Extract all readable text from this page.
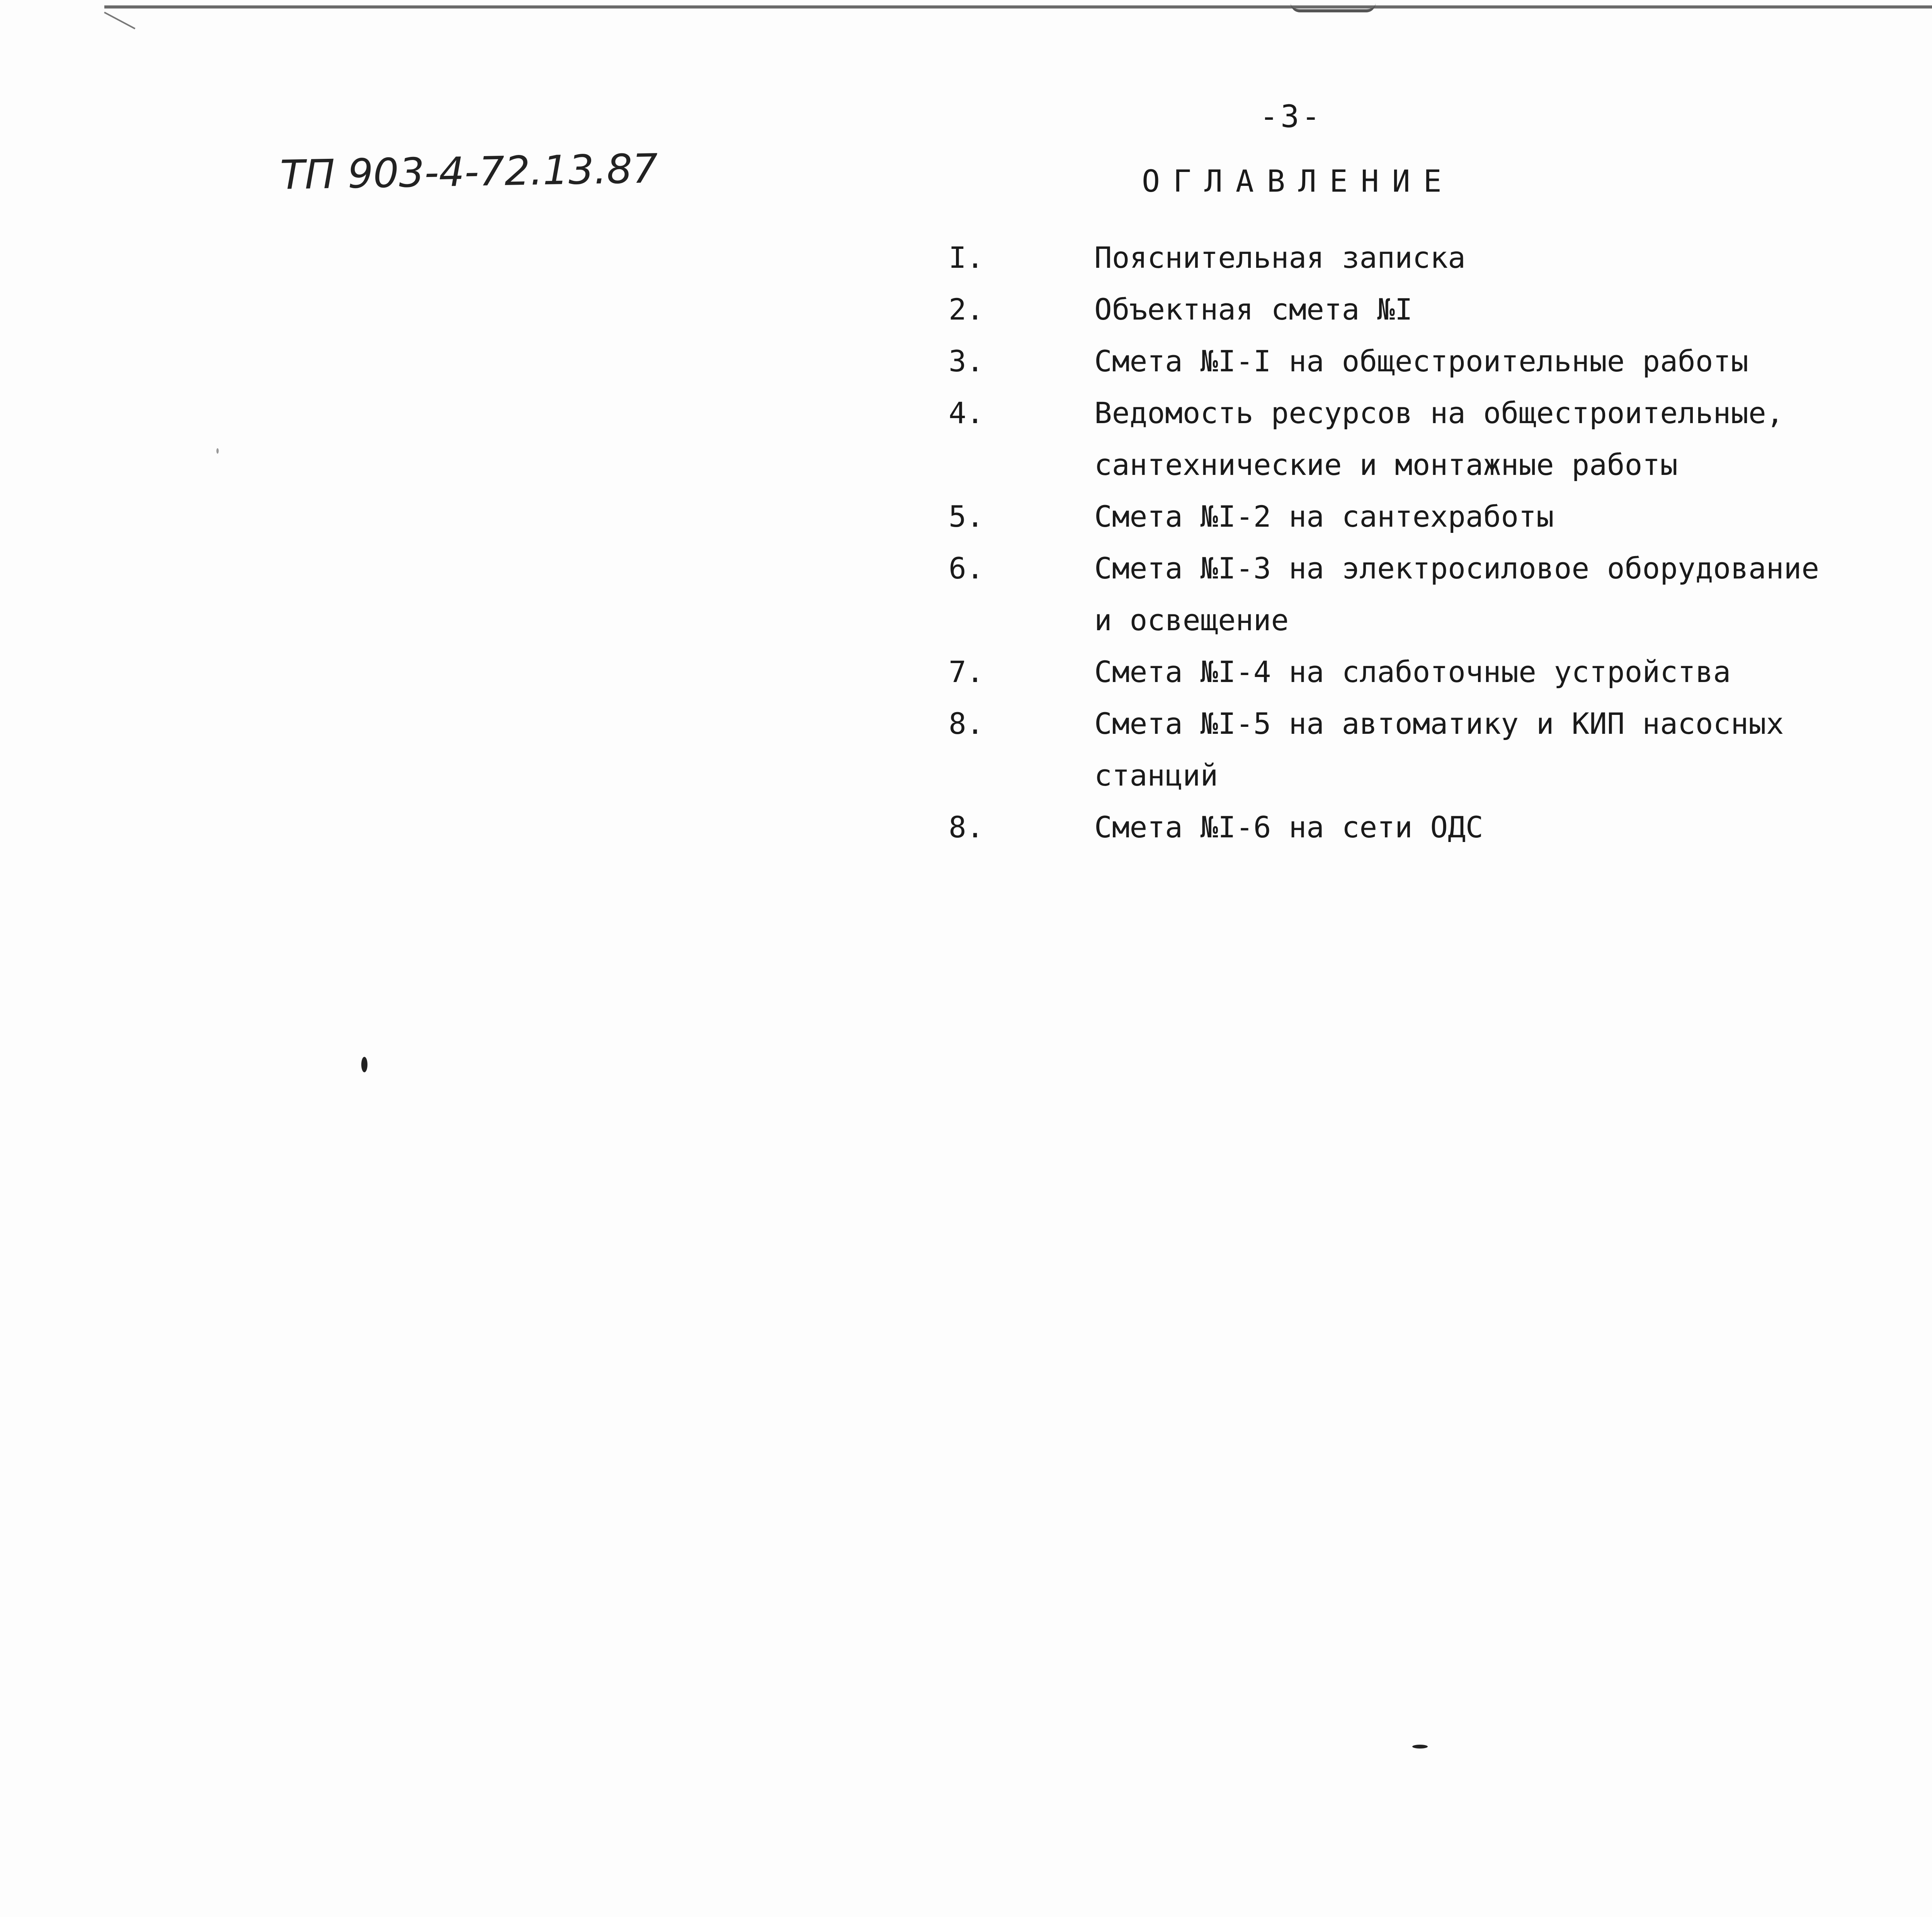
-3-
ТП 903-4-72.13.87	ОГЛАВЛЕНИЕ
I.	Пояснительная записка
2.	Объектная смета №I
3.	Смета №I-I на общестроительные работы
4.	Ведомость ресурсов на общестроительные,
сантехнические и монтажные работы
5.	Смета №I-2 на сантехработы
6.	Смета №I-3 на электросиловое оборудование
и освещение
7.	Смета №I-4 на слаботочные устройства
8.	Смета №I-5 на автоматику и КИП насосных
станций
8.	Смета №I-6 на сети ОДС
